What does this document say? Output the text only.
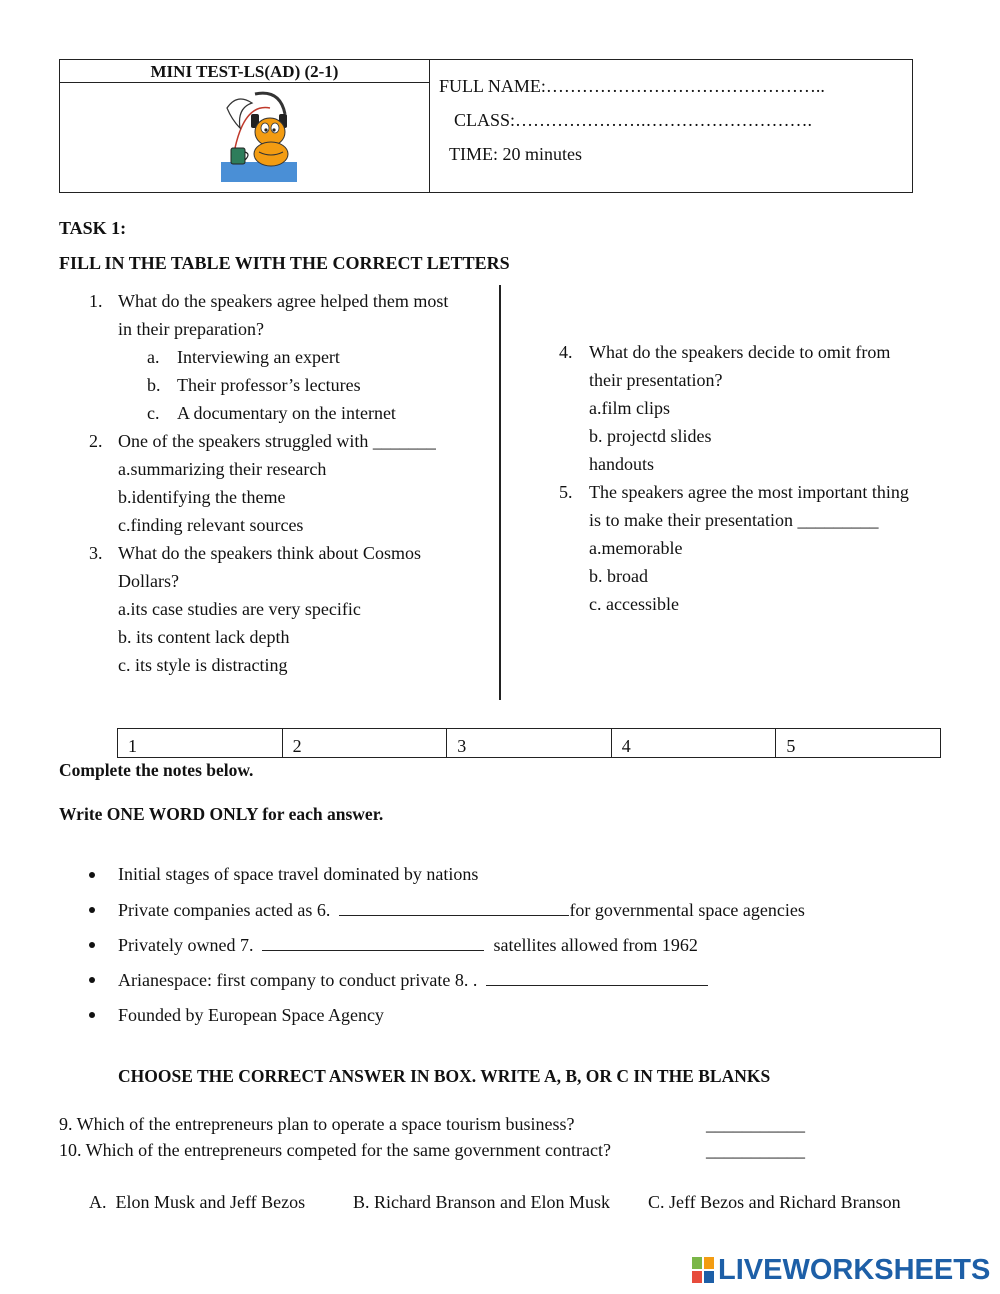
MINI TEST-LS(AD) (2-1)
FULL NAME:………………………………………..
CLASS:………………….……………………….
TIME: 20 minutes
TASK 1:
FILL IN THE TABLE WITH THE CORRECT LETTERS
1. What do the speakers agree helped them most
in their preparation?
a. Interviewing an expert
b. Their professor’s lectures
c. A documentary on the internet
2. One of the speakers struggled with _______
a.summarizing their research
b.identifying the theme
c.finding relevant sources
3. What do the speakers think about Cosmos
Dollars?
a.its case studies are very specific
b. its content lack depth
c. its style is distracting
4. What do the speakers decide to omit from
their presentation?
a.film clips
b. projectd slides
handouts
5. The speakers agree the most important thing
is to make their presentation _________
a.memorable
b. broad
c. accessible
1	2	3	4	5
Complete the notes below.
Write ONE WORD ONLY for each answer.
Initial stages of space travel dominated by nations
Private companies acted as 6.	for governmental space agencies
Privately owned 7.	satellites allowed from 1962
Arianespace: first company to conduct private 8. .
Founded by European Space Agency
CHOOSE THE CORRECT ANSWER IN BOX. WRITE A, B, OR C IN THE BLANKS
9. Which of the entrepreneurs plan to operate a space tourism business?	___________
10. Which of the entrepreneurs competed for the same government contract?	___________
A.  Elon Musk and Jeff Bezos	B. Richard Branson and Elon Musk C. Jeff Bezos and Richard Branson
LIVEWORKSHEETS
